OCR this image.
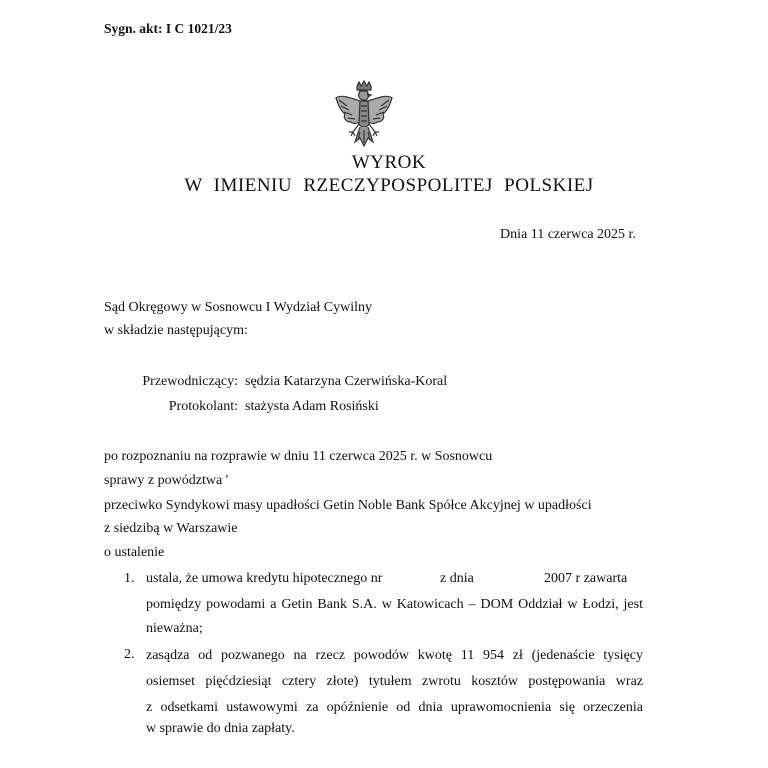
Sygn. akt: I C 1021/23
WYROK
W IMIENIU RZECZYPOSPOLITEJ POLSKIEJ
Dnia 11 czerwca 2025 r.
Sąd Okręgowy w Sosnowcu I Wydział Cywilny
w składzie następującym:
Przewodniczący: sędzia Katarzyna Czerwińska-Koral
Protokolant: stażysta Adam Rosiński
po rozpoznaniu na rozprawie w dniu 11 czerwca 2025 r. w Sosnowcu
sprawy z powództwa '
przeciwko Syndykowi masy upadłości Getin Noble Bank Spółce Akcyjnej w upadłości
z siedzibą w Warszawie
o ustalenie
1. ustala, że umowa kredytu hipotecznego nr	z dnia	2007 r zawarta
pomiędzy powodami a Getin Bank S.A. w Katowicach – DOM Oddział w Łodzi, jest
nieważna;
2. zasądza od pozwanego na rzecz powodów kwotę 11 954 zł (jedenaście tysięcy
osiemset pięćdziesiąt cztery złote) tytułem zwrotu kosztów postępowania wraz
z odsetkami ustawowymi za opóźnienie od dnia uprawomocnienia się orzeczenia
w sprawie do dnia zapłaty.
